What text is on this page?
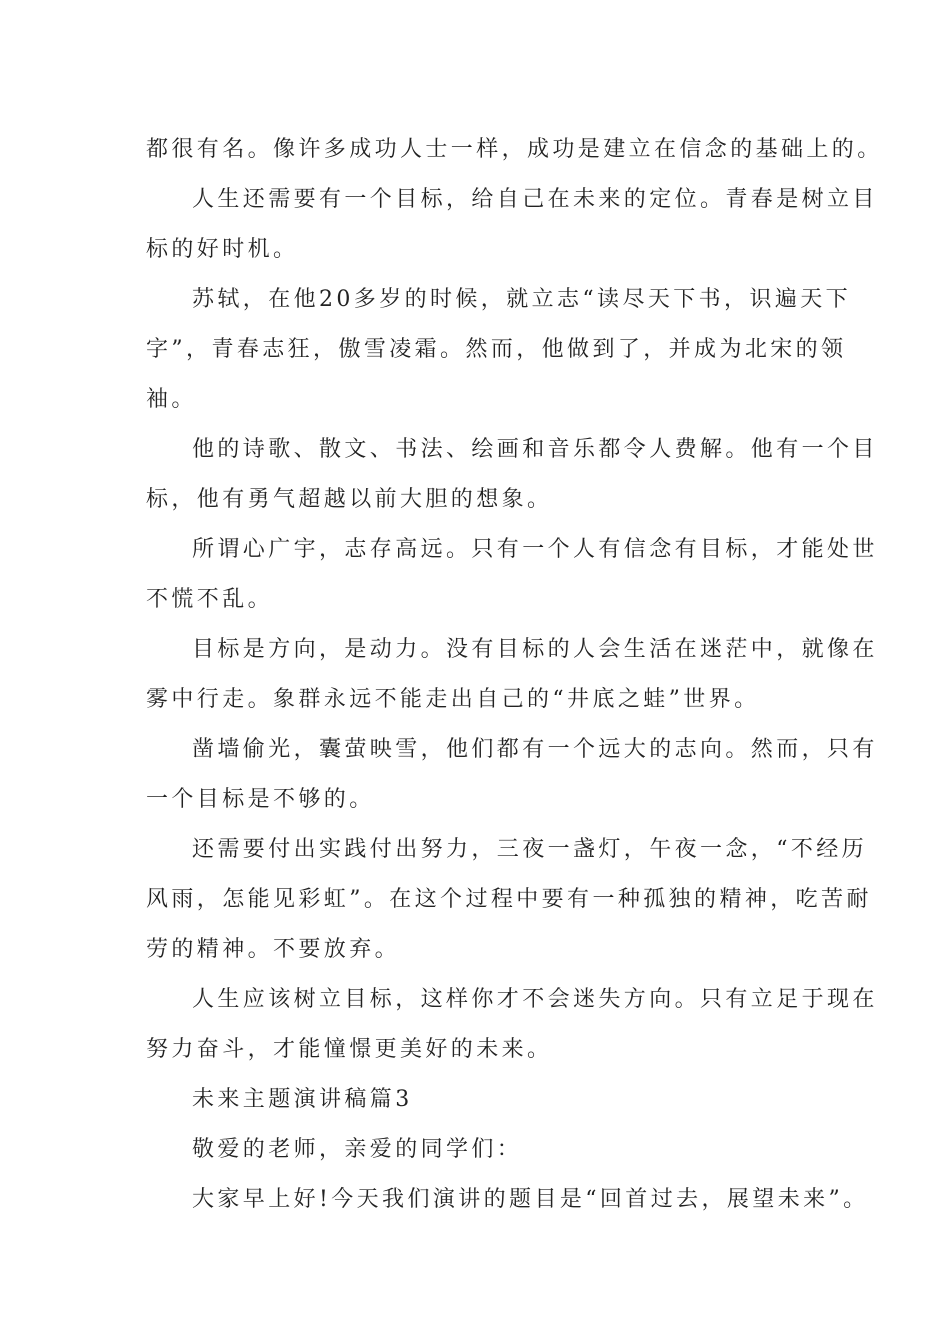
都很有名。像许多成功人士一样，成功是建立在信念的基础上的。
人生还需要有一个目标，给自己在未来的定位。青春是树立目
标的好时机。
苏轼，在他20多岁的时候，就立志“读尽天下书，识遍天下
字”，青春志狂，傲雪凌霜。然而，他做到了，并成为北宋的领
袖。
他的诗歌、散文、书法、绘画和音乐都令人费解。他有一个目
标，他有勇气超越以前大胆的想象。
所谓心广宇，志存高远。只有一个人有信念有目标，才能处世
不慌不乱。
目标是方向，是动力。没有目标的人会生活在迷茫中，就像在
雾中行走。象群永远不能走出自己的“井底之蛙”世界。
凿墙偷光，囊萤映雪，他们都有一个远大的志向。然而，只有
一个目标是不够的。
还需要付出实践付出努力，三夜一盏灯，午夜一念，“不经历
风雨，怎能见彩虹”。在这个过程中要有一种孤独的精神，吃苦耐
劳的精神。不要放弃。
人生应该树立目标，这样你才不会迷失方向。只有立足于现在
努力奋斗，才能憧憬更美好的未来。
未来主题演讲稿篇3
敬爱的老师，亲爱的同学们：
大家早上好!今天我们演讲的题目是“回首过去，展望未来”。
